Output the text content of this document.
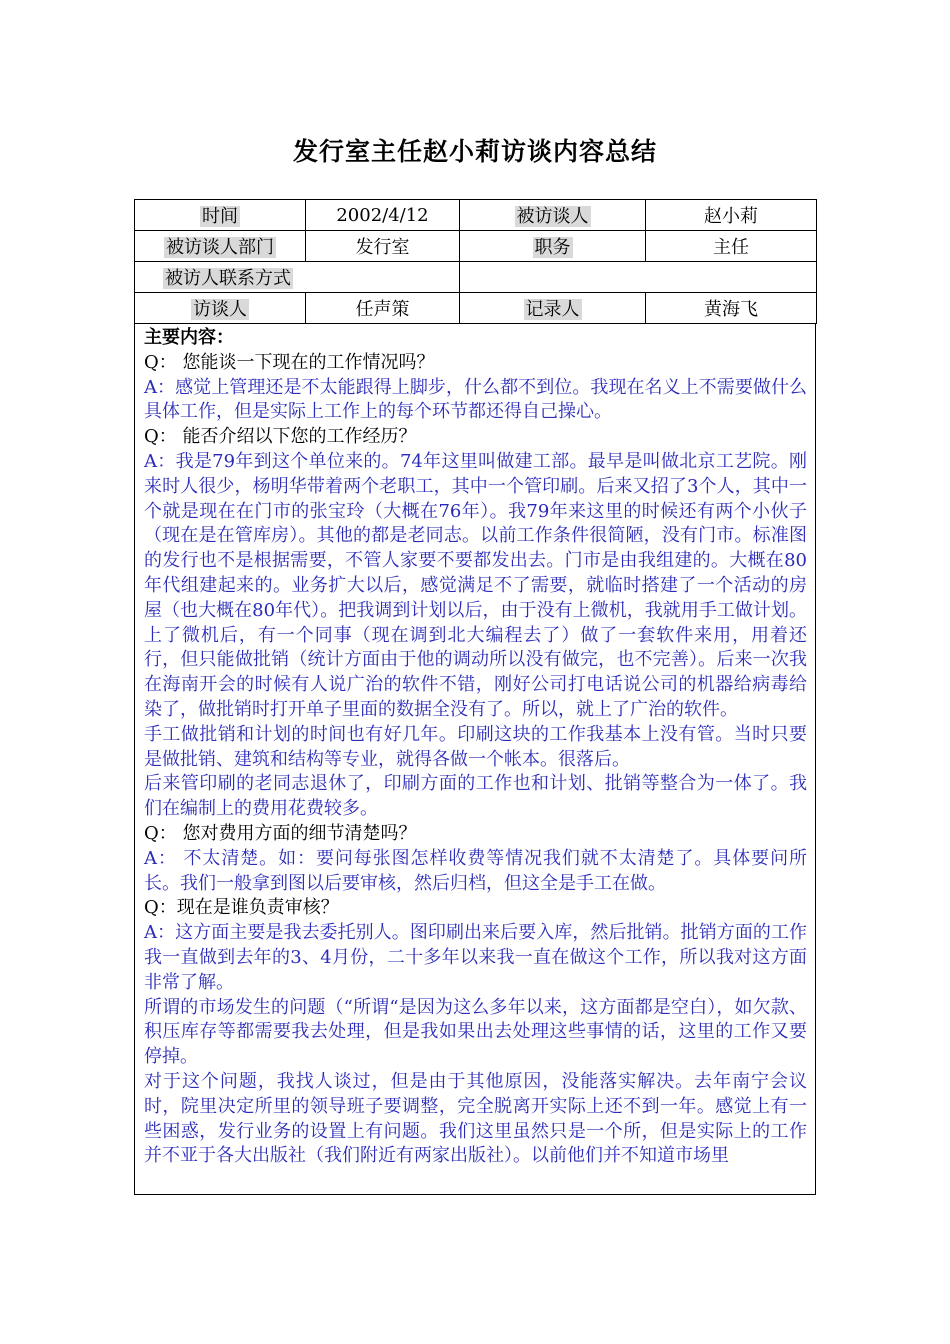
发行室主任赵小莉访谈内容总结
时间	2002/4/12	被访谈人	赵小莉
被访谈人部门	发行室	职务	主任
被访人联系方式			
访谈人	任声策	记录人	黄海飞

主要内容：

Q： 您能谈一下现在的工作情况吗？

A：感觉上管理还是不太能跟得上脚步，什么都不到位。我现在名义上不需要做什么具体工作，但是实际上工作上的每个环节都还得自己操心。

Q： 能否介绍以下您的工作经历？

A：我是79年到这个单位来的。74年这里叫做建工部。最早是叫做北京工艺院。刚来时人很少，杨明华带着两个老职工，其中一个管印刷。后来又招了3个人，其中一个就是现在在门市的张宝玲（大概在76年）。我79年来这里的时候还有两个小伙子（现在是在管库房）。其他的都是老同志。以前工作条件很简陋，没有门市。标准图的发行也不是根据需要，不管人家要不要都发出去。门市是由我组建的。大概在80年代组建起来的。业务扩大以后，感觉满足不了需要，就临时搭建了一个活动的房屋（也大概在80年代）。把我调到计划以后，由于没有上微机，我就用手工做计划。上了微机后，有一个同事（现在调到北大编程去了）做了一套软件来用，用着还行，但只能做批销（统计方面由于他的调动所以没有做完，也不完善）。后来一次我在海南开会的时候有人说广治的软件不错，刚好公司打电话说公司的机器给病毒给染了，做批销时打开单子里面的数据全没有了。所以，就上了广治的软件。

手工做批销和计划的时间也有好几年。印刷这块的工作我基本上没有管。当时只要是做批销、建筑和结构等专业，就得各做一个帐本。很落后。

后来管印刷的老同志退休了，印刷方面的工作也和计划、批销等整合为一体了。我们在编制上的费用花费较多。

Q： 您对费用方面的细节清楚吗？

A： 不太清楚。如：要问每张图怎样收费等情况我们就不太清楚了。具体要问所长。我们一般拿到图以后要审核，然后归档，但这全是手工在做。

Q：现在是谁负责审核？

A：这方面主要是我去委托别人。图印刷出来后要入库，然后批销。批销方面的工作我一直做到去年的3、4月份，二十多年以来我一直在做这个工作，所以我对这方面非常了解。

所谓的市场发生的问题（“所谓“是因为这么多年以来，这方面都是空白），如欠款、积压库存等都需要我去处理，但是我如果出去处理这些事情的话，这里的工作又要停掉。

对于这个问题，我找人谈过，但是由于其他原因，没能落实解决。去年南宁会议时，院里决定所里的领导班子要调整，完全脱离开实际上还不到一年。感觉上有一些困惑，发行业务的设置上有问题。我们这里虽然只是一个所，但是实际上的工作并不亚于各大出版社（我们附近有两家出版社）。以前他们并不知道市场里
